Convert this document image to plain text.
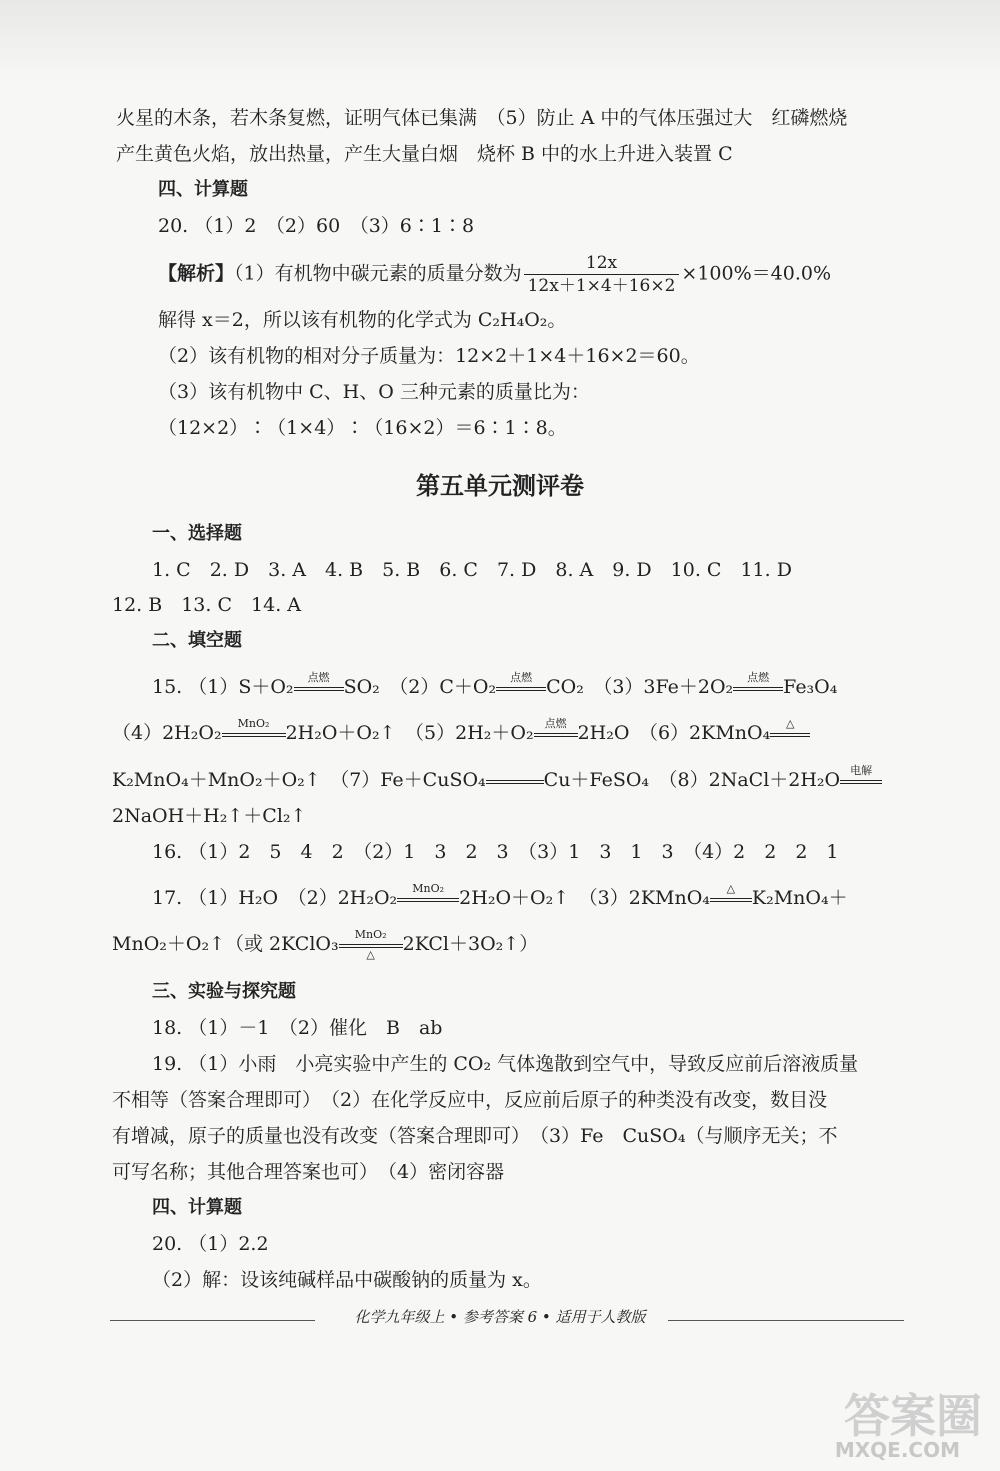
火星的木条，若木条复燃，证明气体已集满　（5）防止 A 中的气体压强过大　红磷燃烧
产生黄色火焰，放出热量，产生大量白烟　烧杯 B 中的水上升进入装置 C
四、计算题
20. （1）2　（2）60　（3）6∶1∶8
【解析】（1）有机物中碳元素的质量分数为 $\frac{12x}{12x+1\times 4+16\times 2} \times 100\%=40.0\%$
解得 x＝2，所以该有机物的化学式为 C₂H₄O₂。
（2）该有机物的相对分子质量为：12×2＋1×4＋16×2＝60。
（3）该有机物中 C、H、O 三种元素的质量比为：
（12×2）∶（1×4）∶（16×2）＝6∶1∶8。
第五单元测评卷
一、选择题
1. C　2. D　3. A　4. B　5. B　6. C　7. D　8. A　9. D　10. C　11. D
12. B　13. C　14. A
二、填空题
15. （1）S＋O₂	点燃 SO₂　（2）C＋O₂	点燃 CO₂　（3）3Fe＋2O₂	点燃 Fe₃O₄
（4）2H₂O₂	MnO₂ 2H₂O＋O₂↑　（5）2H₂＋O₂	点燃 2H₂O　（6）2KMnO₄	△
K₂MnO₄＋MnO₂＋O₂↑　（7）Fe＋CuSO₄	Cu＋FeSO₄　（8）2NaCl＋2H₂O 电解
2NaOH＋H₂↑＋Cl₂↑
16. （1）2　5　4　2　（2）1　3　2　3　（3）1　3　1　3　（4）2　2　2　1
17. （1）H₂O　（2）2H₂O₂	MnO₂ 2H₂O＋O₂↑　（3）2KMnO₄	△ K₂MnO₄＋
MnO₂＋O₂↑（或 2KClO₃	MnO₂
△	2KCl＋3O₂↑）
三、实验与探究题
18. （1）－1　（2）催化　B　ab
19. （1）小雨　小亮实验中产生的 CO₂ 气体逸散到空气中，导致反应前后溶液质量
不相等（答案合理即可）　（2）在化学反应中，反应前后原子的种类没有改变，数目没
有增减，原子的质量也没有改变（答案合理即可）　（3）Fe　CuSO₄（与顺序无关；不
可写名称；其他合理答案也可）　（4）密闭容器
四、计算题
20. （1）2.2
（2）解：设该纯碱样品中碳酸钠的质量为 x。
化学九年级上 • 参考答案 6 • 适用于人教版
答案圈
MXQE.COM
